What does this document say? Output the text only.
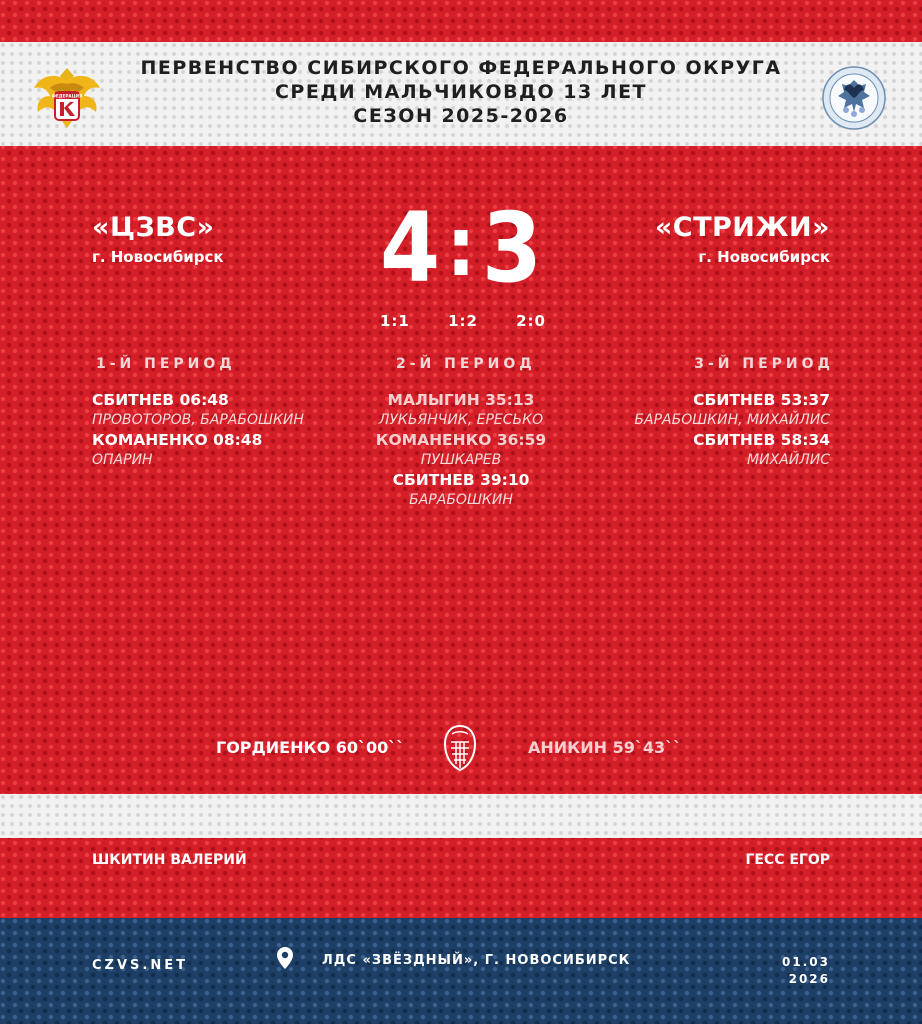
ФЕДЕРАЦИЯ
ПЕРВЕНСТВО СИБИРСКОГО ФЕДЕРАЛЬНОГО ОКРУГА
СРЕДИ МАЛЬЧИКОВДО 13 ЛЕТ
СЕЗОН 2025-2026
«ЦЗВС»
г. Новосибирск
«СТРИЖИ»
г. Новосибирск
4 : 3
1:1	1:2	2:0
1-Й ПЕРИОД	2-Й ПЕРИОД	3-Й ПЕРИОД
СБИТНЕВ 06:48
ПРОВОТОРОВ, БАРАБОШКИН
КОМАНЕНКО 08:48
ОПАРИН
МАЛЫГИН 35:13
ЛУКЬЯНЧИК, ЕРЕСЬКО
КОМАНЕНКО 36:59
ПУШКАРЕВ
СБИТНЕВ 39:10
БАРАБОШКИН
СБИТНЕВ 53:37
БАРАБОШКИН, МИХАЙЛИС
СБИТНЕВ 58:34
МИХАЙЛИС
ГОРДИЕНКО 60`00``	АНИКИН 59`43``
ШКИТИН ВАЛЕРИЙ	ГЕСС ЕГОР
CZVS.NET	ЛДС «ЗВЁЗДНЫЙ», Г. НОВОСИБИРСК	01.03
2026
